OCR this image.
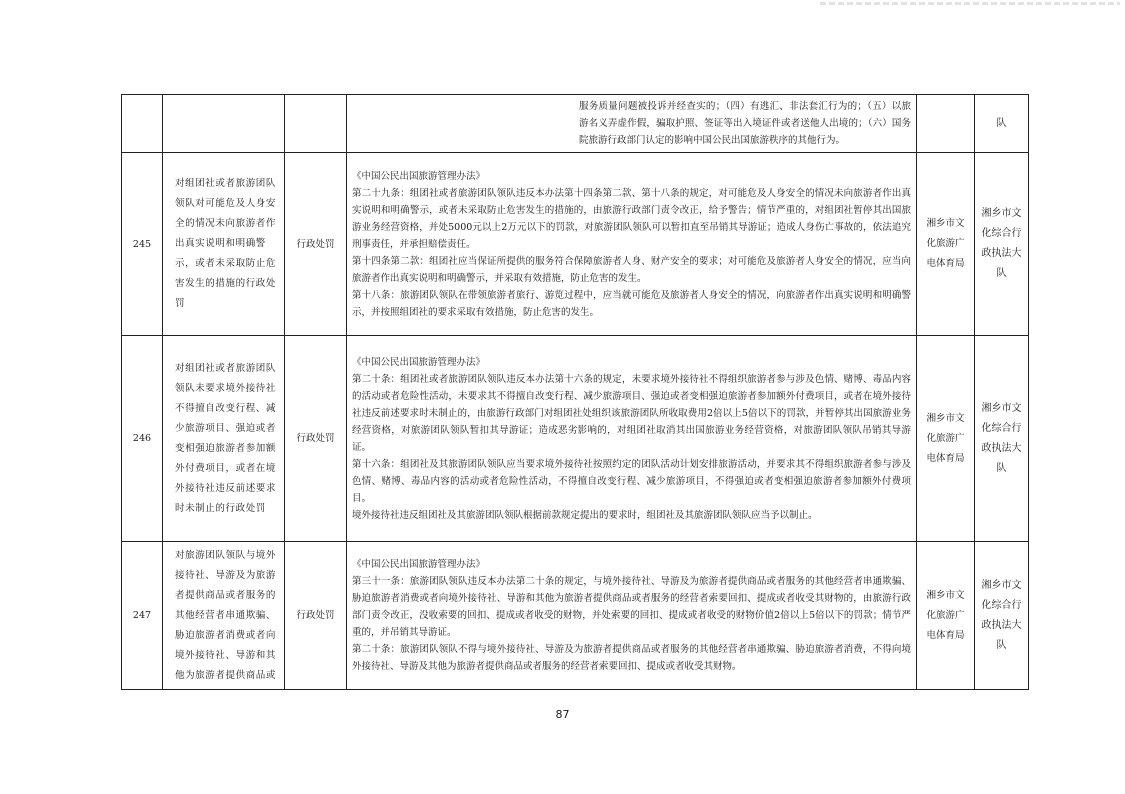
			服务质量问题被投诉并经查实的；（四）有逃汇、非法套汇行为的；（五）以旅游名义弄虚作假，骗取护照、签证等出入境证件或者送他人出境的；（六）国务院旅游行政部门认定的影响中国公民出国旅游秩序的其他行为。		队
245	对组团社或者旅游团队领队对可能危及人身安全的情况未向旅游者作出真实说明和明确警示，或者未采取防止危害发生的措施的行政处罚	行政处罚	《中国公民出国旅游管理办法》

第二十九条：组团社或者旅游团队领队违反本办法第十四条第二款、第十八条的规定，对可能危及人身安全的情况未向旅游者作出真实说明和明确警示，或者未采取防止危害发生的措施的，由旅游行政部门责令改正，给予警告；情节严重的，对组团社暂停其出国旅游业务经营资格，并处5000元以上2万元以下的罚款，对旅游团队领队可以暂扣直至吊销其导游证；造成人身伤亡事故的，依法追究刑事责任，并承担赔偿责任。

第十四条第二款：组团社应当保证所提供的服务符合保障旅游者人身、财产安全的要求；对可能危及旅游者人身安全的情况，应当向旅游者作出真实说明和明确警示，并采取有效措施，防止危害的发生。

第十八条：旅游团队领队在带领旅游者旅行、游览过程中，应当就可能危及旅游者人身安全的情况，向旅游者作出真实说明和明确警示，并按照组团社的要求采取有效措施，防止危害的发生。	湘乡市文化旅游广电体育局	湘乡市文化综合行政执法大队
246	对组团社或者旅游团队领队未要求境外接待社不得擅自改变行程、减少旅游项目、强迫或者变相强迫旅游者参加额外付费项目，或者在境外接待社违反前述要求时未制止的行政处罚	行政处罚	《中国公民出国旅游管理办法》

第二十条：组团社或者旅游团队领队违反本办法第十六条的规定，未要求境外接待社不得组织旅游者参与涉及色情、赌博、毒品内容的活动或者危险性活动，未要求其不得擅自改变行程、减少旅游项目、强迫或者变相强迫旅游者参加额外付费项目，或者在境外接待社违反前述要求时未制止的，由旅游行政部门对组团社处组织该旅游团队所收取费用2倍以上5倍以下的罚款，并暂停其出国旅游业务经营资格，对旅游团队领队暂扣其导游证；造成恶劣影响的，对组团社取消其出国旅游业务经营资格，对旅游团队领队吊销其导游证。

第十六条：组团社及其旅游团队领队应当要求境外接待社按照约定的团队活动计划安排旅游活动，并要求其不得组织旅游者参与涉及色情、赌博、毒品内容的活动或者危险性活动，不得擅自改变行程、减少旅游项目，不得强迫或者变相强迫旅游者参加额外付费项目。

境外接待社违反组团社及其旅游团队领队根据前款规定提出的要求时，组团社及其旅游团队领队应当予以制止。	湘乡市文化旅游广电体育局	湘乡市文化综合行政执法大队
247	对旅游团队领队与境外接待社、导游及为旅游者提供商品或者服务的其他经营者串通欺骗、胁迫旅游者消费或者向境外接待社、导游和其他为旅游者提供商品或	行政处罚	《中国公民出国旅游管理办法》

第三十一条：旅游团队领队违反本办法第二十条的规定，与境外接待社、导游及为旅游者提供商品或者服务的其他经营者串通欺骗、胁迫旅游者消费或者向境外接待社、导游和其他为旅游者提供商品或者服务的经营者索要回扣、提成或者收受其财物的，由旅游行政部门责令改正，没收索要的回扣、提成或者收受的财物，并处索要的回扣、提成或者收受的财物价值2倍以上5倍以下的罚款；情节严重的，并吊销其导游证。

第二十条：旅游团队领队不得与境外接待社、导游及为旅游者提供商品或者服务的其他经营者串通欺骗、胁迫旅游者消费，不得向境外接待社、导游及其他为旅游者提供商品或者服务的经营者索要回扣、提成或者收受其财物。	湘乡市文化旅游广电体育局	湘乡市文化综合行政执法大队
87
